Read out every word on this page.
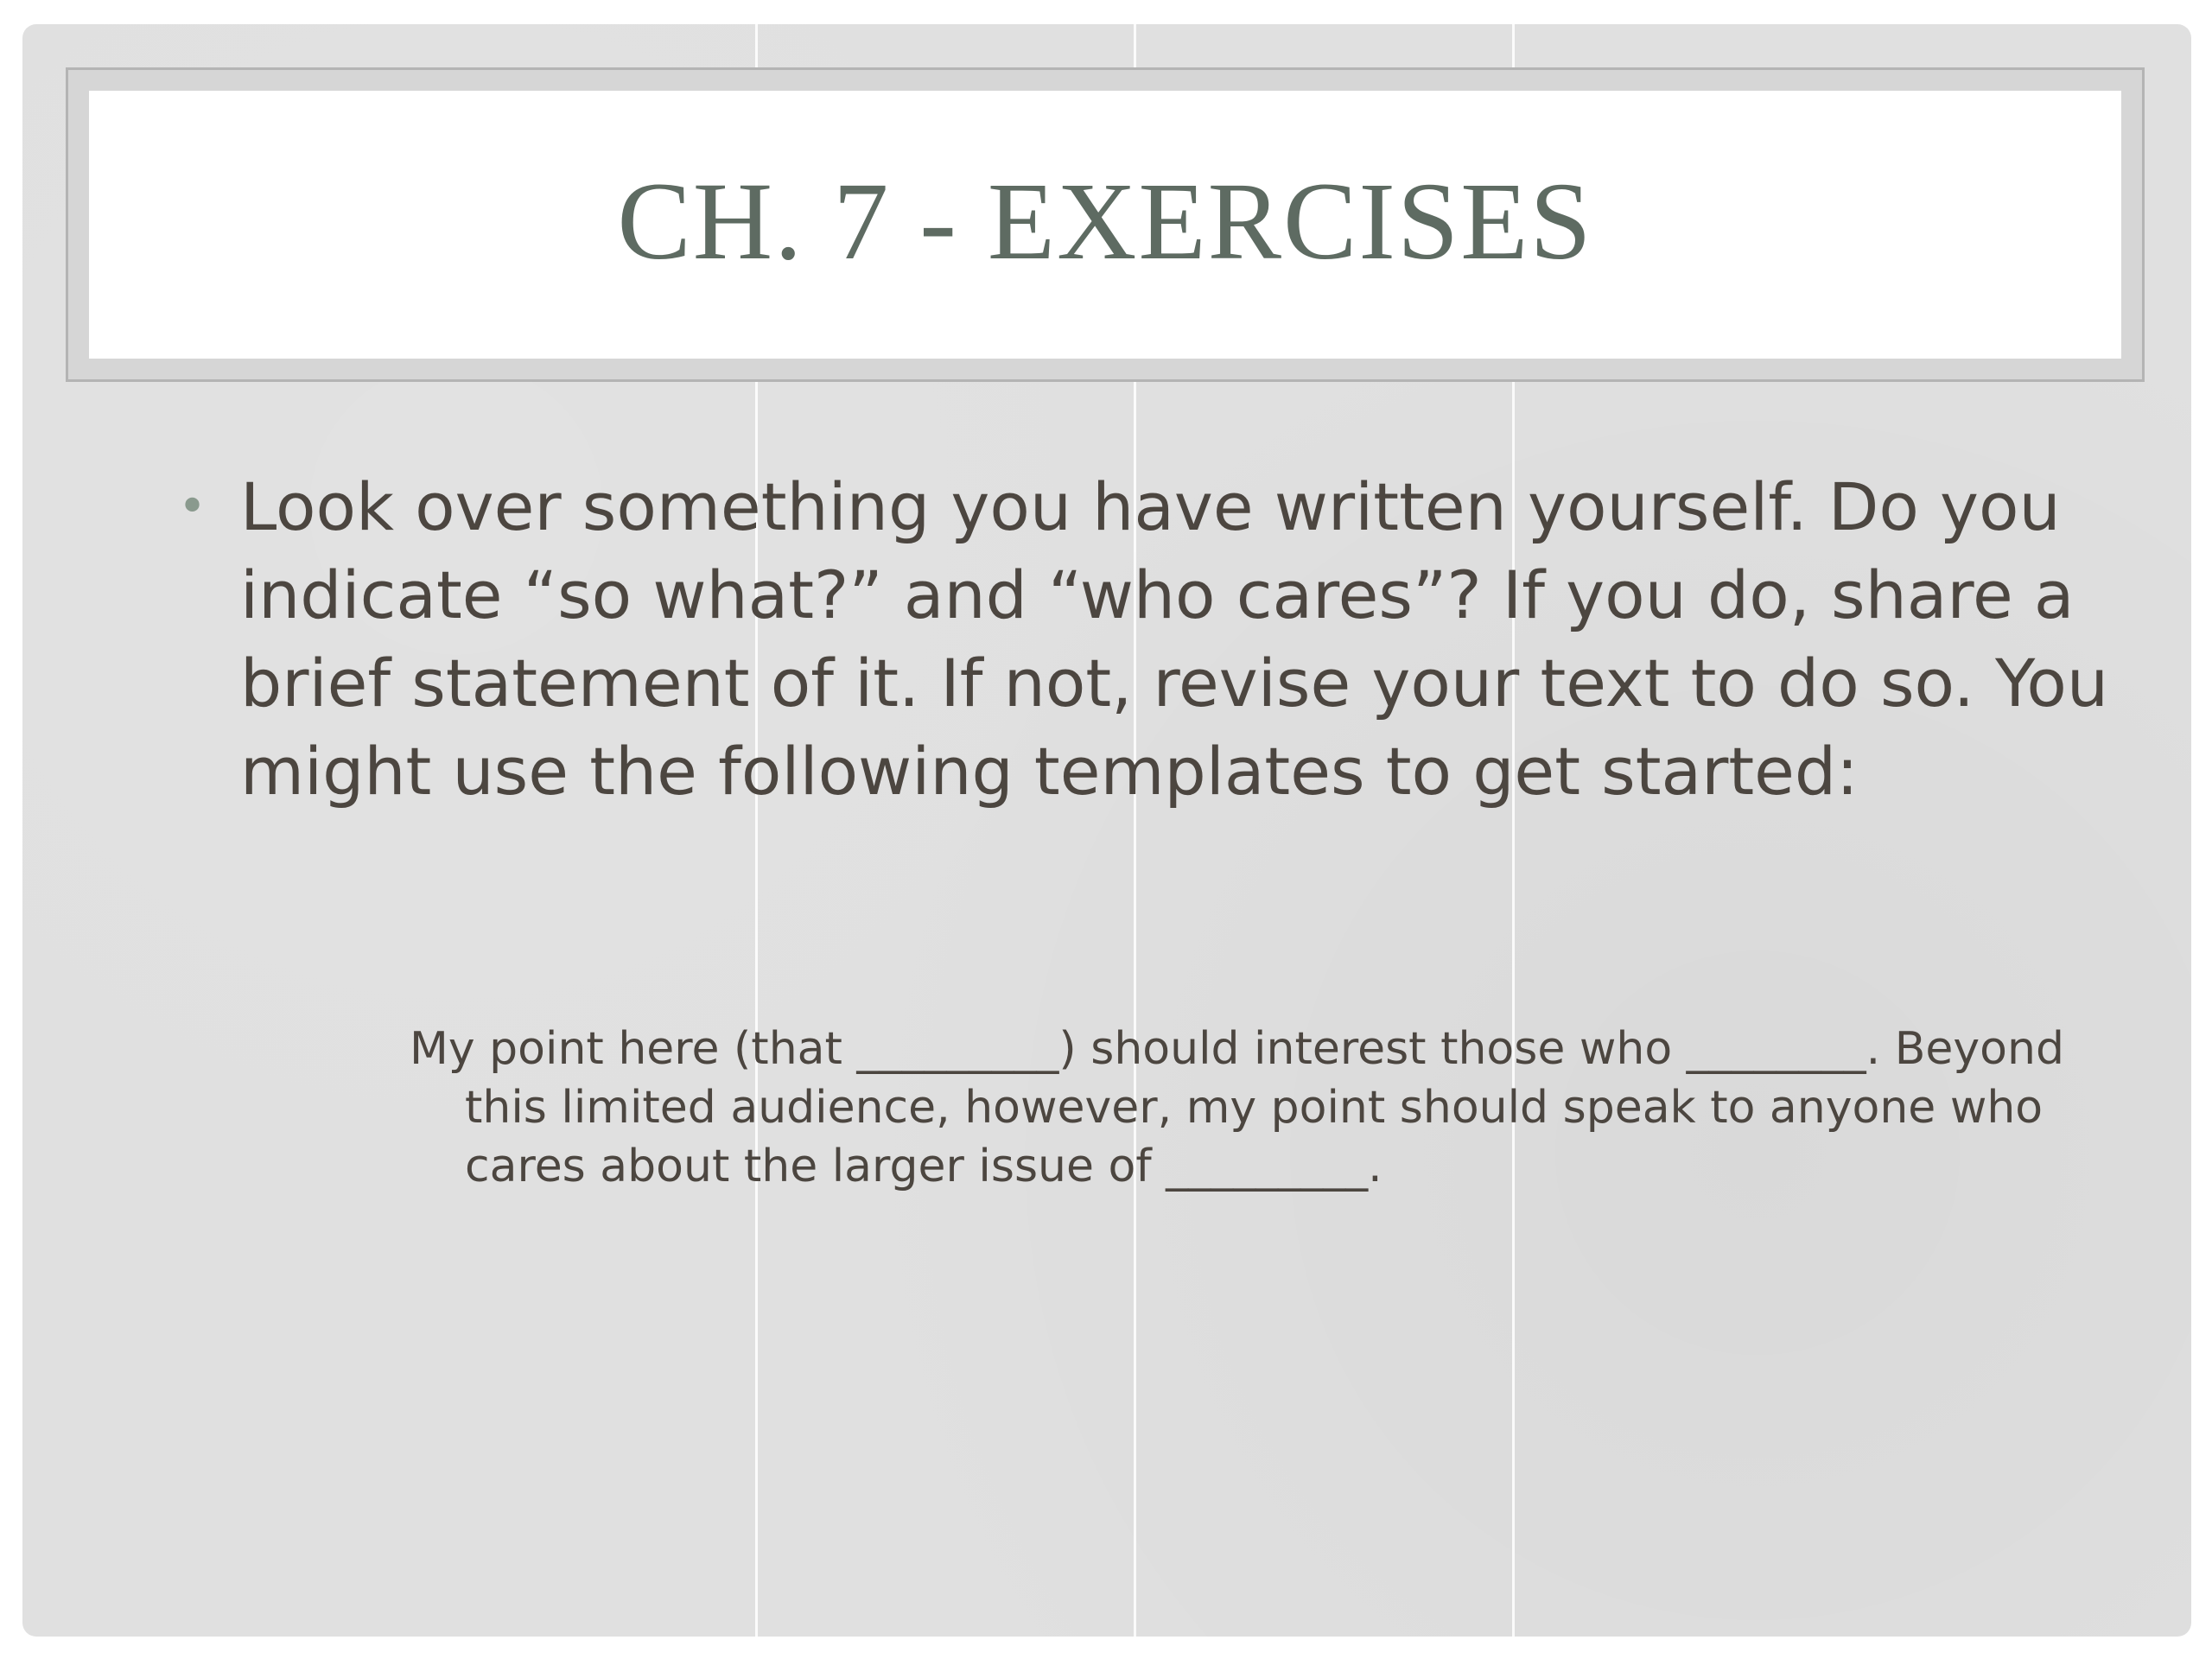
CH. 7 - EXERCISES
• Look over something you have written yourself. Do you indicate “so what?” and “who cares”? If you do, share a brief statement of it. If not, revise your text to do so. You might use the following templates to get started:

My point here (that _________) should interest those who ________. Beyond this limited audience, however, my point should speak to anyone who cares about the larger issue of _________.
